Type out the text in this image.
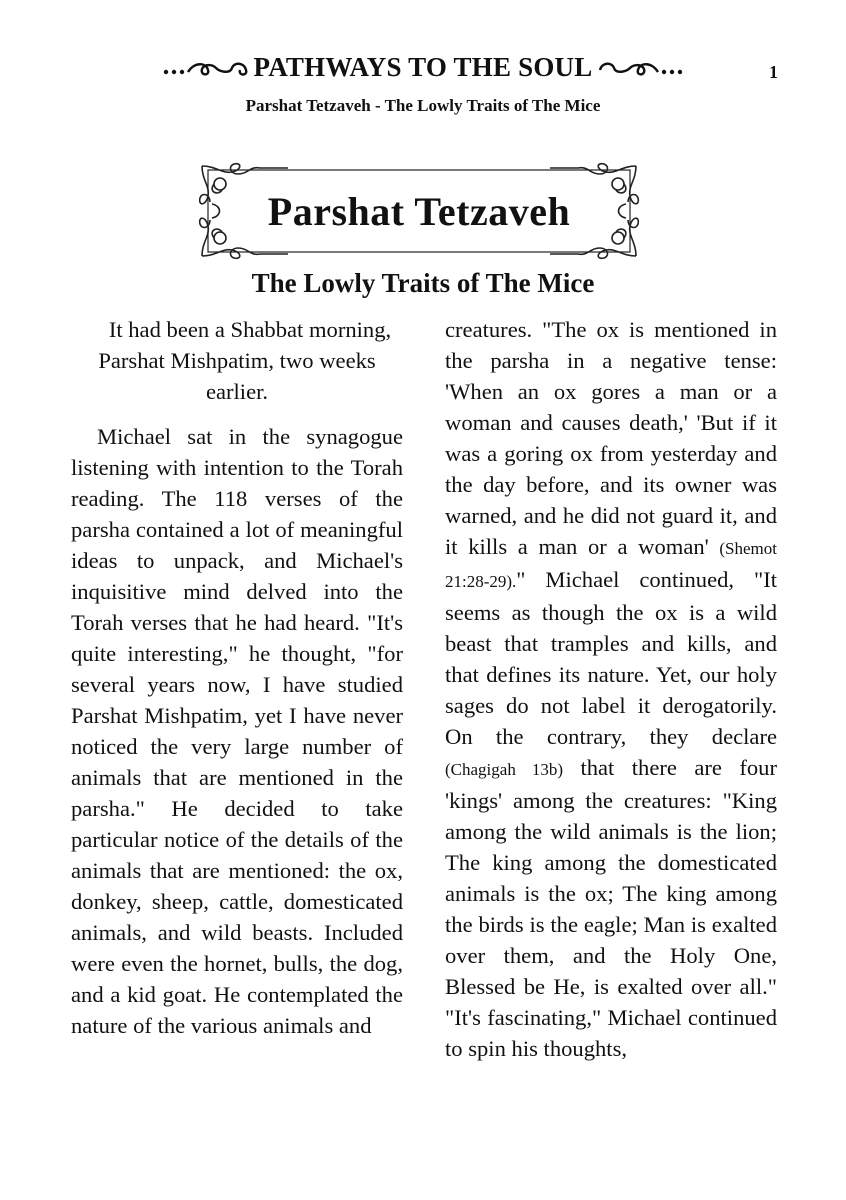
PATHWAYS TO THE SOUL	1
Parshat Tetzaveh - The Lowly Traits of The Mice
Parshat Tetzaveh
The Lowly Traits of The Mice

It had been a Shabbat morning, Parshat Mishpatim, two weeks earlier.

Michael sat in the synagogue listening with intention to the Torah reading. The 118 verses of the parsha contained a lot of meaningful ideas to unpack, and Michael's inquisitive mind delved into the Torah verses that he had heard. "It's quite interesting," he thought, "for several years now, I have studied Parshat Mishpatim, yet I have never noticed the very large number of animals that are mentioned in the parsha." He decided to take particular notice of the details of the animals that are mentioned: the ox, donkey, sheep, cattle, domesticated animals, and wild beasts. Included were even the hornet, bulls, the dog, and a kid goat. He contemplated the nature of the various animals and

creatures. "The ox is mentioned in the parsha in a negative tense: 'When an ox gores a man or a woman and causes death,' 'But if it was a goring ox from yesterday and the day before, and its owner was warned, and he did not guard it, and it kills a man or a woman' (Shemot 21:28-29)." Michael continued, "It seems as though the ox is a wild beast that tramples and kills, and that defines its nature. Yet, our holy sages do not label it derogatorily. On the contrary, they declare (Chagigah 13b) that there are four 'kings' among the creatures: "King among the wild animals is the lion; The king among the domesticated animals is the ox; The king among the birds is the eagle; Man is exalted over them, and the Holy One, Blessed be He, is exalted over all." "It's fascinating," Michael continued to spin his thoughts,
